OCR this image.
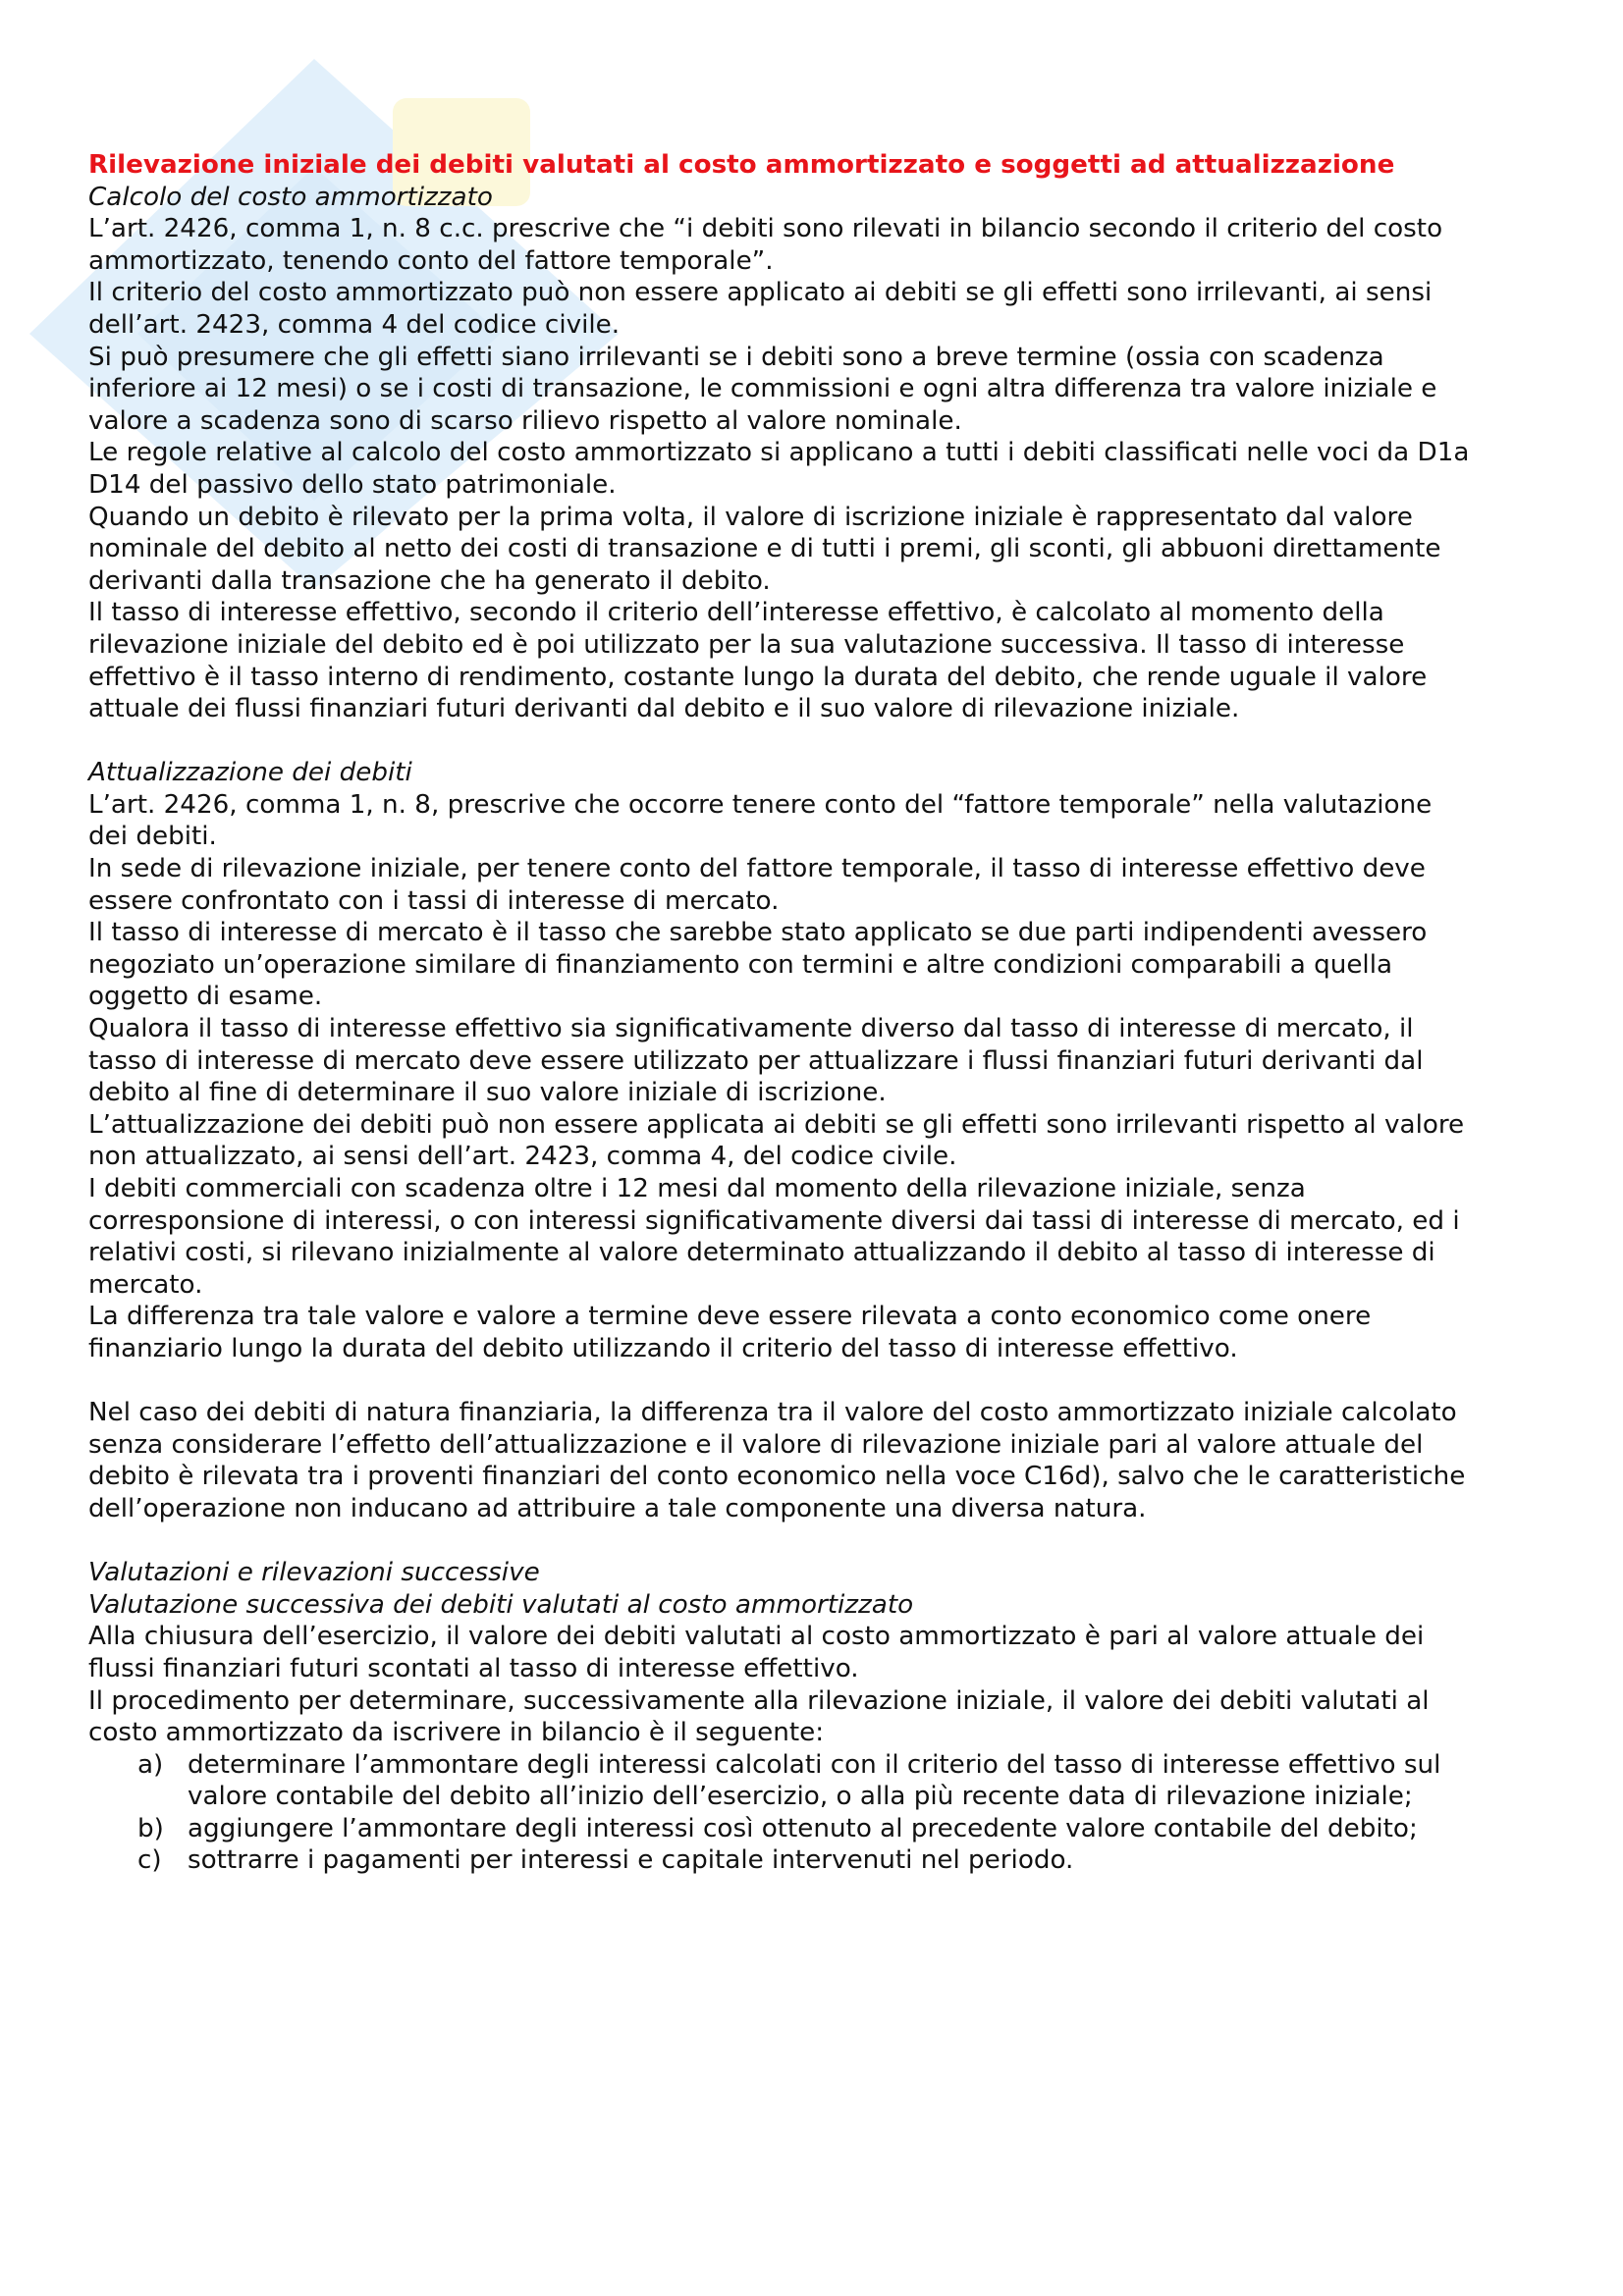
Rilevazione iniziale dei debiti valutati al costo ammortizzato e soggetti ad attualizzazione

Calcolo del costo ammortizzato

L’art. 2426, comma 1, n. 8 c.c. prescrive che “i debiti sono rilevati in bilancio secondo il criterio del costo

ammortizzato, tenendo conto del fattore temporale”.

Il criterio del costo ammortizzato può non essere applicato ai debiti se gli effetti sono irrilevanti, ai sensi

dell’art. 2423, comma 4 del codice civile.

Si può presumere che gli effetti siano irrilevanti se i debiti sono a breve termine (ossia con scadenza

inferiore ai 12 mesi) o se i costi di transazione, le commissioni e ogni altra differenza tra valore iniziale e

valore a scadenza sono di scarso rilievo rispetto al valore nominale.

Le regole relative al calcolo del costo ammortizzato si applicano a tutti i debiti classificati nelle voci da D1a

D14 del passivo dello stato patrimoniale.

Quando un debito è rilevato per la prima volta, il valore di iscrizione iniziale è rappresentato dal valore

nominale del debito al netto dei costi di transazione e di tutti i premi, gli sconti, gli abbuoni direttamente

derivanti dalla transazione che ha generato il debito.

Il tasso di interesse effettivo, secondo il criterio dell’interesse effettivo, è calcolato al momento della

rilevazione iniziale del debito ed è poi utilizzato per la sua valutazione successiva. Il tasso di interesse

effettivo è il tasso interno di rendimento, costante lungo la durata del debito, che rende uguale il valore

attuale dei flussi finanziari futuri derivanti dal debito e il suo valore di rilevazione iniziale.

Attualizzazione dei debiti

L’art. 2426, comma 1, n. 8, prescrive che occorre tenere conto del “fattore temporale” nella valutazione

dei debiti.

In sede di rilevazione iniziale, per tenere conto del fattore temporale, il tasso di interesse effettivo deve

essere confrontato con i tassi di interesse di mercato.

Il tasso di interesse di mercato è il tasso che sarebbe stato applicato se due parti indipendenti avessero

negoziato un’operazione similare di finanziamento con termini e altre condizioni comparabili a quella

oggetto di esame.

Qualora il tasso di interesse effettivo sia significativamente diverso dal tasso di interesse di mercato, il

tasso di interesse di mercato deve essere utilizzato per attualizzare i flussi finanziari futuri derivanti dal

debito al fine di determinare il suo valore iniziale di iscrizione.

L’attualizzazione dei debiti può non essere applicata ai debiti se gli effetti sono irrilevanti rispetto al valore

non attualizzato, ai sensi dell’art. 2423, comma 4, del codice civile.

I debiti commerciali con scadenza oltre i 12 mesi dal momento della rilevazione iniziale, senza

corresponsione di interessi, o con interessi significativamente diversi dai tassi di interesse di mercato, ed i

relativi costi, si rilevano inizialmente al valore determinato attualizzando il debito al tasso di interesse di

mercato.

La differenza tra tale valore e valore a termine deve essere rilevata a conto economico come onere

finanziario lungo la durata del debito utilizzando il criterio del tasso di interesse effettivo.

Nel caso dei debiti di natura finanziaria, la differenza tra il valore del costo ammortizzato iniziale calcolato

senza considerare l’effetto dell’attualizzazione e il valore di rilevazione iniziale pari al valore attuale del

debito è rilevata tra i proventi finanziari del conto economico nella voce C16d), salvo che le caratteristiche

dell’operazione non inducano ad attribuire a tale componente una diversa natura.

Valutazioni e rilevazioni successive

Valutazione successiva dei debiti valutati al costo ammortizzato

Alla chiusura dell’esercizio, il valore dei debiti valutati al costo ammortizzato è pari al valore attuale dei

flussi finanziari futuri scontati al tasso di interesse effettivo.

Il procedimento per determinare, successivamente alla rilevazione iniziale, il valore dei debiti valutati al

costo ammortizzato da iscrivere in bilancio è il seguente:

a) determinare l’ammontare degli interessi calcolati con il criterio del tasso di interesse effettivo sul
valore contabile del debito all’inizio dell’esercizio, o alla più recente data di rilevazione iniziale;
b) aggiungere l’ammontare degli interessi così ottenuto al precedente valore contabile del debito;
c) sottrarre i pagamenti per interessi e capitale intervenuti nel periodo.
